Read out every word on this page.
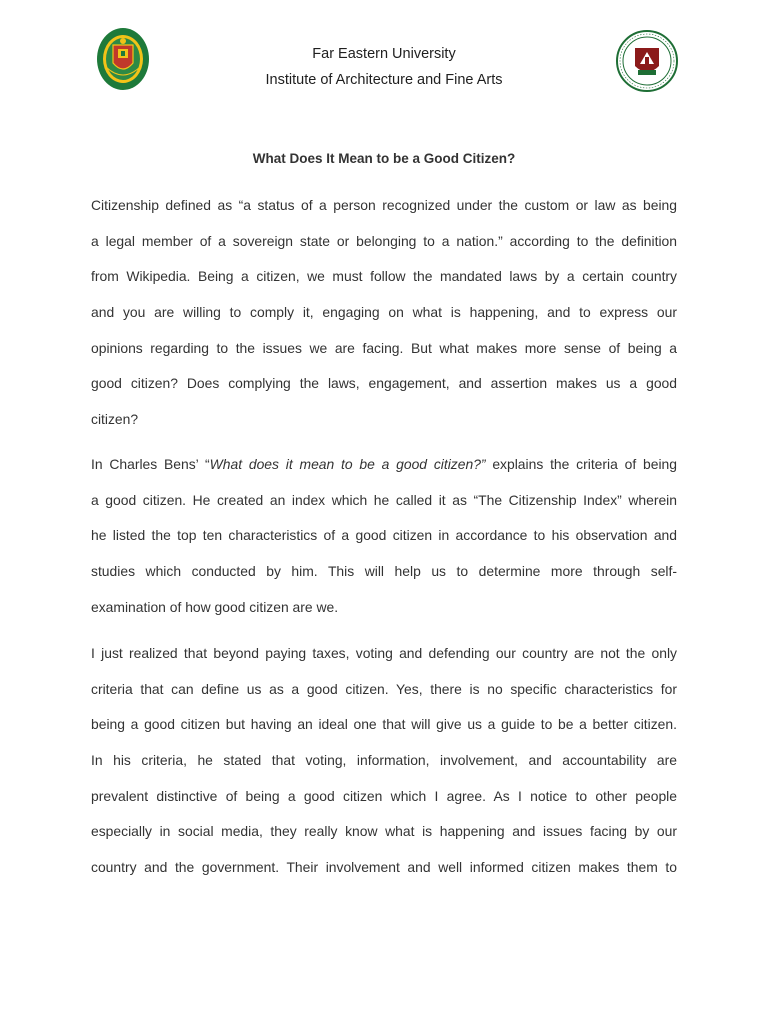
Far Eastern University
Institute of Architecture and Fine Arts
What Does It Mean to be a Good Citizen?
Citizenship defined as “a status of a person recognized under the custom or law as being
a legal member of a sovereign state or belonging to a nation.” according to the definition
from Wikipedia. Being a citizen, we must follow the mandated laws by a certain country
and you are willing to comply it, engaging on what is happening, and to express our
opinions regarding to the issues we are facing. But what makes more sense of being a
good citizen? Does complying the laws, engagement, and assertion makes us a good
citizen?
In Charles Bens’ “What does it mean to be a good citizen?” explains the criteria of being
a good citizen. He created an index which he called it as “The Citizenship Index” wherein
he listed the top ten characteristics of a good citizen in accordance to his observation and
studies which conducted by him. This will help us to determine more through self-
examination of how good citizen are we.
I just realized that beyond paying taxes, voting and defending our country are not the only
criteria that can define us as a good citizen. Yes, there is no specific characteristics for
being a good citizen but having an ideal one that will give us a guide to be a better citizen.
In his criteria, he stated that voting, information, involvement, and accountability are
prevalent distinctive of being a good citizen which I agree. As I notice to other people
especially in social media, they really know what is happening and issues facing by our
country and the government. Their involvement and well informed citizen makes them to
